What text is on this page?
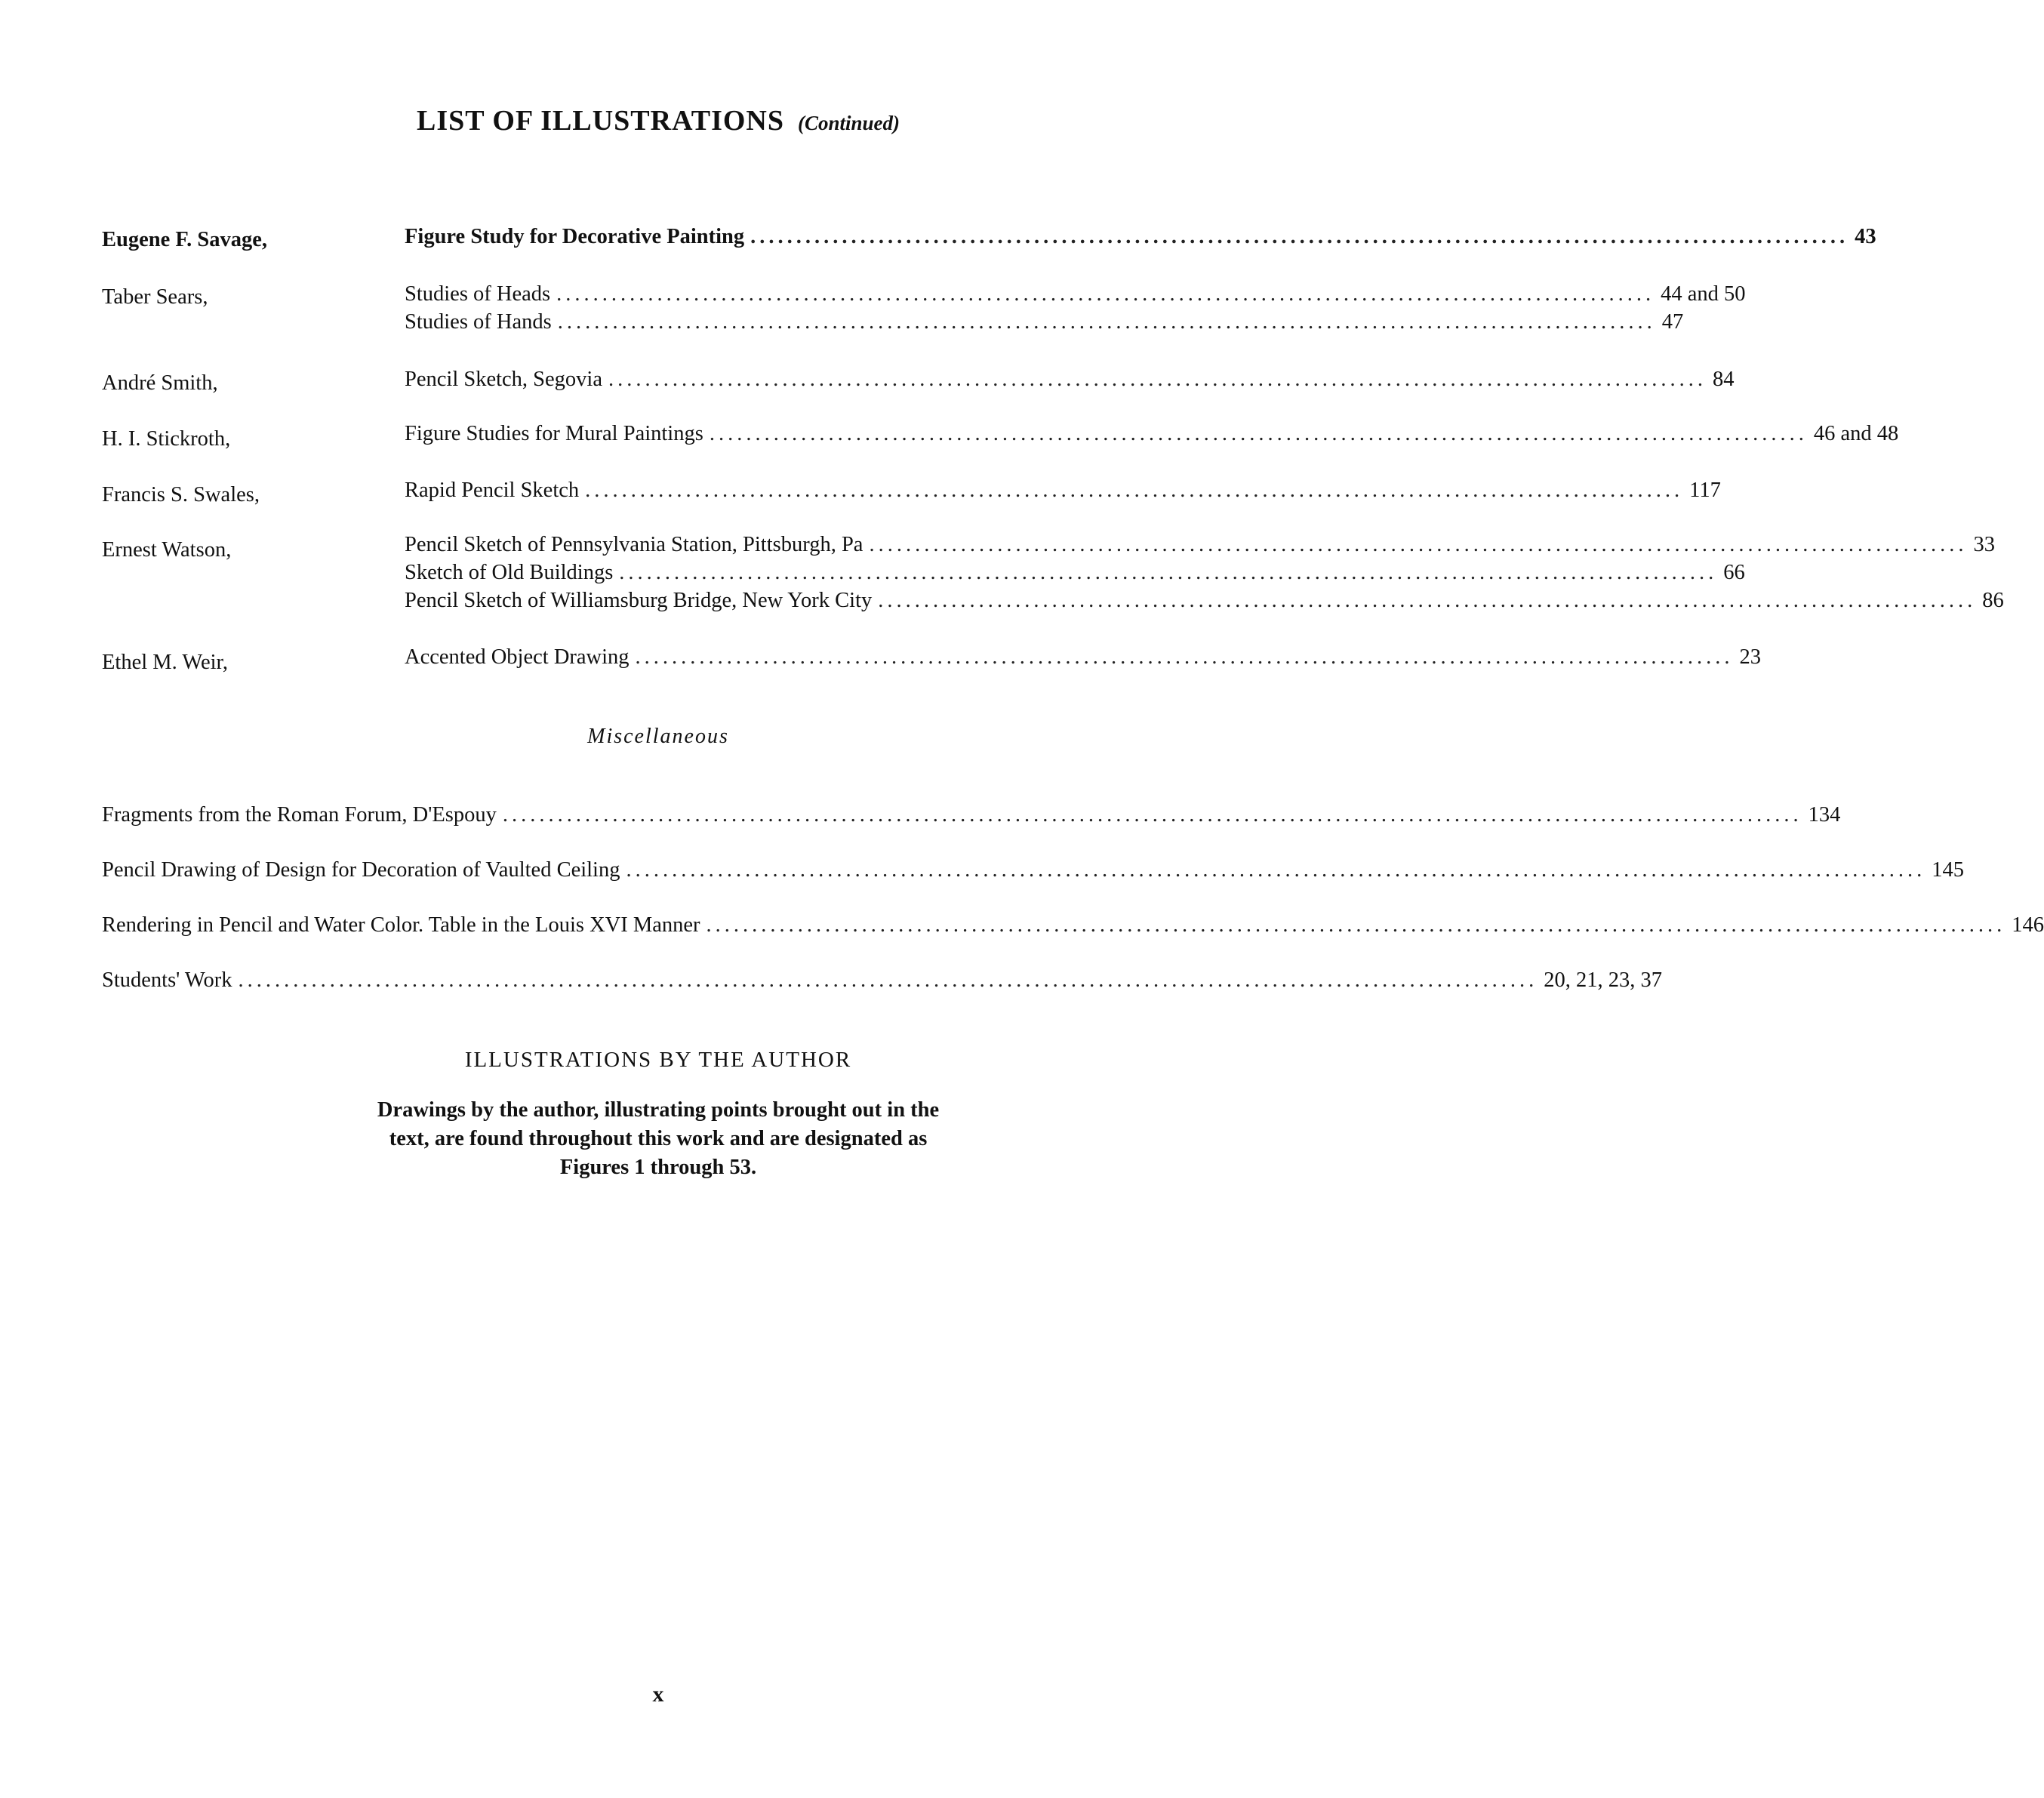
LIST OF ILLUSTRATIONS (Continued)
Eugene F. Savage,	Figure Study for Decorative Painting ........................................................................................................................ 43
Taber Sears,	Studies of Heads ........................................................................................................................ 44 and 50
Studies of Hands ........................................................................................................................ 47
André Smith,	Pencil Sketch, Segovia ........................................................................................................................ 84
H. I. Stickroth,	Figure Studies for Mural Paintings ........................................................................................................................ 46 and 48
Francis S. Swales,	Rapid Pencil Sketch ........................................................................................................................ 117
Ernest Watson,	Pencil Sketch of Pennsylvania Station, Pittsburgh, Pa ........................................................................................................................ 33
Sketch of Old Buildings ........................................................................................................................ 66
Pencil Sketch of Williamsburg Bridge, New York City ........................................................................................................................ 86
Ethel M. Weir,	Accented Object Drawing ........................................................................................................................ 23
Miscellaneous
Fragments from the Roman Forum, D'Espouy .............................................................................................................................................. 134
Pencil Drawing of Design for Decoration of Vaulted Ceiling .............................................................................................................................................. 145
Rendering in Pencil and Water Color. Table in the Louis XVI Manner .............................................................................................................................................. 146
Students' Work .............................................................................................................................................. 20, 21, 23, 37
ILLUSTRATIONS BY THE AUTHOR
Drawings by the author, illustrating points brought out in the text, are found throughout this work and are designated as Figures 1 through 53.
x
